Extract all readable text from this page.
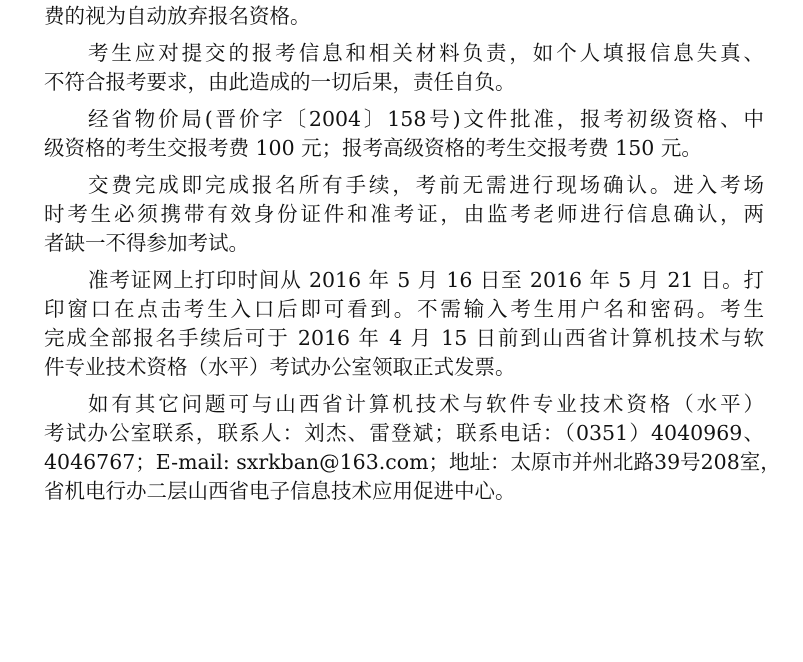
费的视为自动放弃报名资格。
考生应对提交的报考信息和相关材料负责，如个人填报信息失真、
不符合报考要求，由此造成的一切后果，责任自负。
经省物价局(晋价字〔2004〕158号)文件批准，报考初级资格、中
级资格的考生交报考费 100 元；报考高级资格的考生交报考费 150 元。
交费完成即完成报名所有手续，考前无需进行现场确认。进入考场
时考生必须携带有效身份证件和准考证，由监考老师进行信息确认，两
者缺一不得参加考试。
准考证网上打印时间从 2016 年 5 月 16 日至 2016 年 5 月 21 日。打
印窗口在点击考生入口后即可看到。不需输入考生用户名和密码。考生
完成全部报名手续后可于 2016 年 4 月 15 日前到山西省计算机技术与软
件专业技术资格（水平）考试办公室领取正式发票。
如有其它问题可与山西省计算机技术与软件专业技术资格（水平）
考试办公室联系，联系人：刘杰、雷登斌；联系电话：（0351）4040969、
4046767；E-mail: sxrkban@163.com；地址：太原市并州北路39号208室，
省机电行办二层山西省电子信息技术应用促进中心。
